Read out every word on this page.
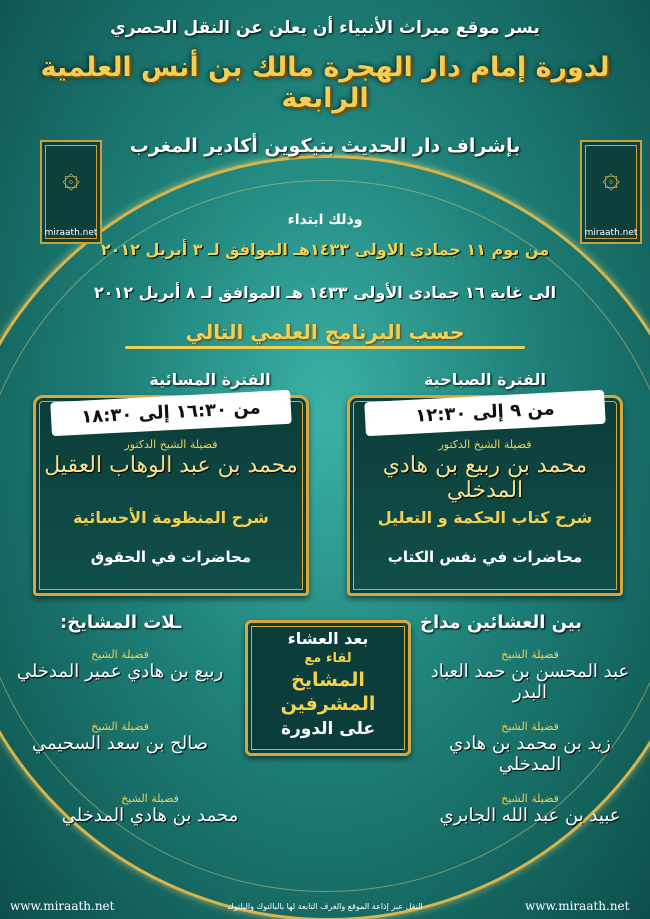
يسر موقع ميراث الأنبياء أن يعلن عن النقل الحصري
لدورة إمام دار الهجرة مالك بن أنس العلمية الرابعة
بإشراف دار الحديث بتيكوين أكادير المغرب
۞
miraath.net
۞
miraath.net
وذلك ابتداء
من يوم ١١ جمادى الاولى ١٤٣٣هـ الموافق لـ ٣ أبريل ٢٠١٢
الى غاية ١٦ جمادى الأولى ١٤٣٣ هـ الموافق لـ ٨ أبريل ٢٠١٢
حسب البرنامج العلمي التالي
الفترة الصباحية
الفترة المسائية
من ٩ إلى ١٢:٣٠
فضيلة الشيخ الدكتور
محمد بن ربيع بن هادي المدخلي
شرح كتاب الحكمة و التعليل
محاضرات في نفس الكتاب
من ١٦:٣٠ إلى ١٨:٣٠
فضيلة الشيخ الدكتور
محمد بن عبد الوهاب العقيل
شرح المنظومة الأحسائية
محاضرات في الحقوق
بين العشائين مداخ
ـلات المشايخ:
بعد العشاء
لقاء مع
المشايخ
المشرفين
على الدورة
فضيلة الشيخ
عبد المحسن بن حمد العباد البدر
فضيلة الشيخ
زيد بن محمد بن هادي المدخلي
فضيلة الشيخ
عبيد بن عبد الله الجابري
فضيلة الشيخ
ربيع بن هادي عمير المدخلي
فضيلة الشيخ
صالح بن سعد السحيمي
فضيلة الشيخ
محمد بن هادي المدخلي
www.miraath.net	النقل عبر إذاعة الموقع والغرف التابعة لها بالبالتوك والبلتوك	www.miraath.net
